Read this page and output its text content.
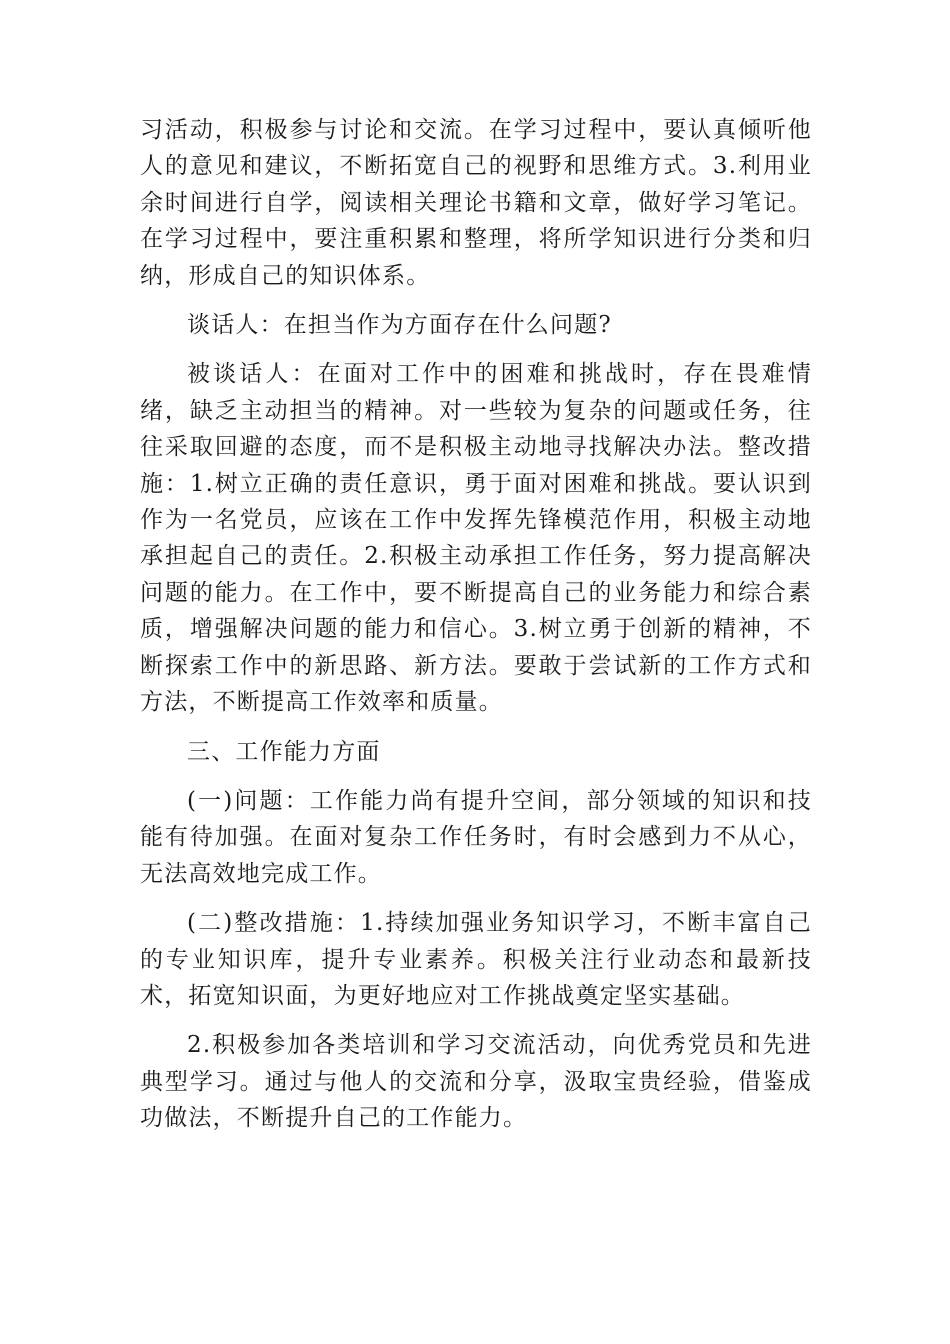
习活动，积极参与讨论和交流。在学习过程中，要认真倾听他人的意见和建议，不断拓宽自己的视野和思维方式。3.利用业余时间进行自学，阅读相关理论书籍和文章，做好学习笔记。在学习过程中，要注重积累和整理，将所学知识进行分类和归纳，形成自己的知识体系。

谈话人：在担当作为方面存在什么问题?

被谈话人：在面对工作中的困难和挑战时，存在畏难情绪，缺乏主动担当的精神。对一些较为复杂的问题或任务，往往采取回避的态度，而不是积极主动地寻找解决办法。整改措施：1.树立正确的责任意识，勇于面对困难和挑战。要认识到作为一名党员，应该在工作中发挥先锋模范作用，积极主动地承担起自己的责任。2.积极主动承担工作任务，努力提高解决问题的能力。在工作中，要不断提高自己的业务能力和综合素质，增强解决问题的能力和信心。3.树立勇于创新的精神，不断探索工作中的新思路、新方法。要敢于尝试新的工作方式和方法，不断提高工作效率和质量。

三、工作能力方面

(一)问题：工作能力尚有提升空间，部分领域的知识和技能有待加强。在面对复杂工作任务时，有时会感到力不从心，无法高效地完成工作。

(二)整改措施：1.持续加强业务知识学习，不断丰富自己的专业知识库，提升专业素养。积极关注行业动态和最新技术，拓宽知识面，为更好地应对工作挑战奠定坚实基础。

2.积极参加各类培训和学习交流活动，向优秀党员和先进典型学习。通过与他人的交流和分享，汲取宝贵经验，借鉴成功做法，不断提升自己的工作能力。
